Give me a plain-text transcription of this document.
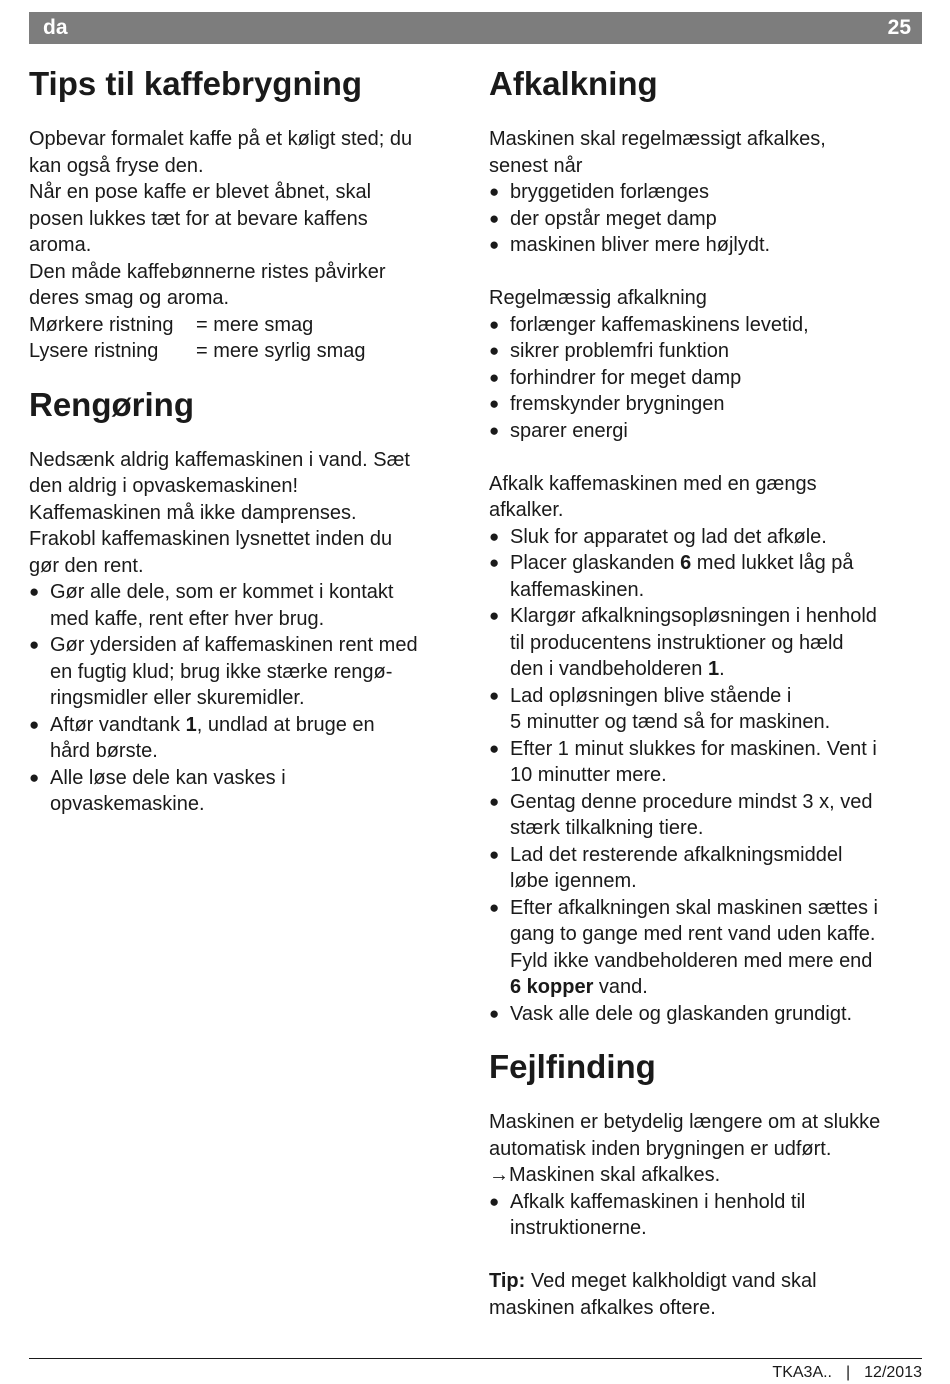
da	25
Tips til kaffebrygning
Opbevar formalet kaffe på et køligt sted; du
kan også fryse den.
Når en pose kaffe er blevet åbnet, skal
posen lukkes tæt for at bevare kaffens
aroma.
Den måde kaffebønnerne ristes påvirker
deres smag og aroma.
Mørkere ristning	= mere smag
Lysere ristning	= mere syrlig smag
Rengøring
Nedsænk aldrig kaffemaskinen i vand. Sæt
den aldrig i opvaskemaskinen!
Kaffemaskinen må ikke damprenses.
Frakobl kaffemaskinen lysnettet inden du
gør den rent.
● Gør alle dele, som er kommet i kontakt
med kaffe, rent efter hver brug.
● Gør ydersiden af kaffemaskinen rent med
en fugtig klud; brug ikke stærke rengø-
ringsmidler eller skuremidler.
● Aftør vandtank 1, undlad at bruge en
hård børste.
● Alle løse dele kan vaskes i
opvaskemaskine.
Afkalkning
Maskinen skal regelmæssigt afkalkes,
senest når
● bryggetiden forlænges
● der opstår meget damp
● maskinen bliver mere højlydt.
Regelmæssig afkalkning
● forlænger kaffemaskinens levetid,
● sikrer problemfri funktion
● forhindrer for meget damp
● fremskynder brygningen
● sparer energi
Afkalk kaffemaskinen med en gængs
afkalker.
● Sluk for apparatet og lad det afkøle.
● Placer glaskanden 6 med lukket låg på
kaffemaskinen.
● Klargør afkalkningsopløsningen i henhold
til producentens instruktioner og hæld
den i vandbeholderen 1.
● Lad opløsningen blive stående i
5 minutter og tænd så for maskinen.
● Efter 1 minut slukkes for maskinen. Vent i
10 minutter mere.
● Gentag denne procedure mindst 3 x, ved
stærk tilkalkning tiere.
● Lad det resterende afkalkningsmiddel
løbe igennem.
● Efter afkalkningen skal maskinen sættes i
gang to gange med rent vand uden kaffe.
Fyld ikke vandbeholderen med mere end
6 kopper vand.
● Vask alle dele og glaskanden grundigt.
Fejlfinding
Maskinen er betydelig længere om at slukke
automatisk inden brygningen er udført.
→Maskinen skal afkalkes.
● Afkalk kaffemaskinen i henhold til
instruktionerne.
Tip: Ved meget kalkholdigt vand skal
maskinen afkalkes oftere.
TKA3A.. | 12/2013
